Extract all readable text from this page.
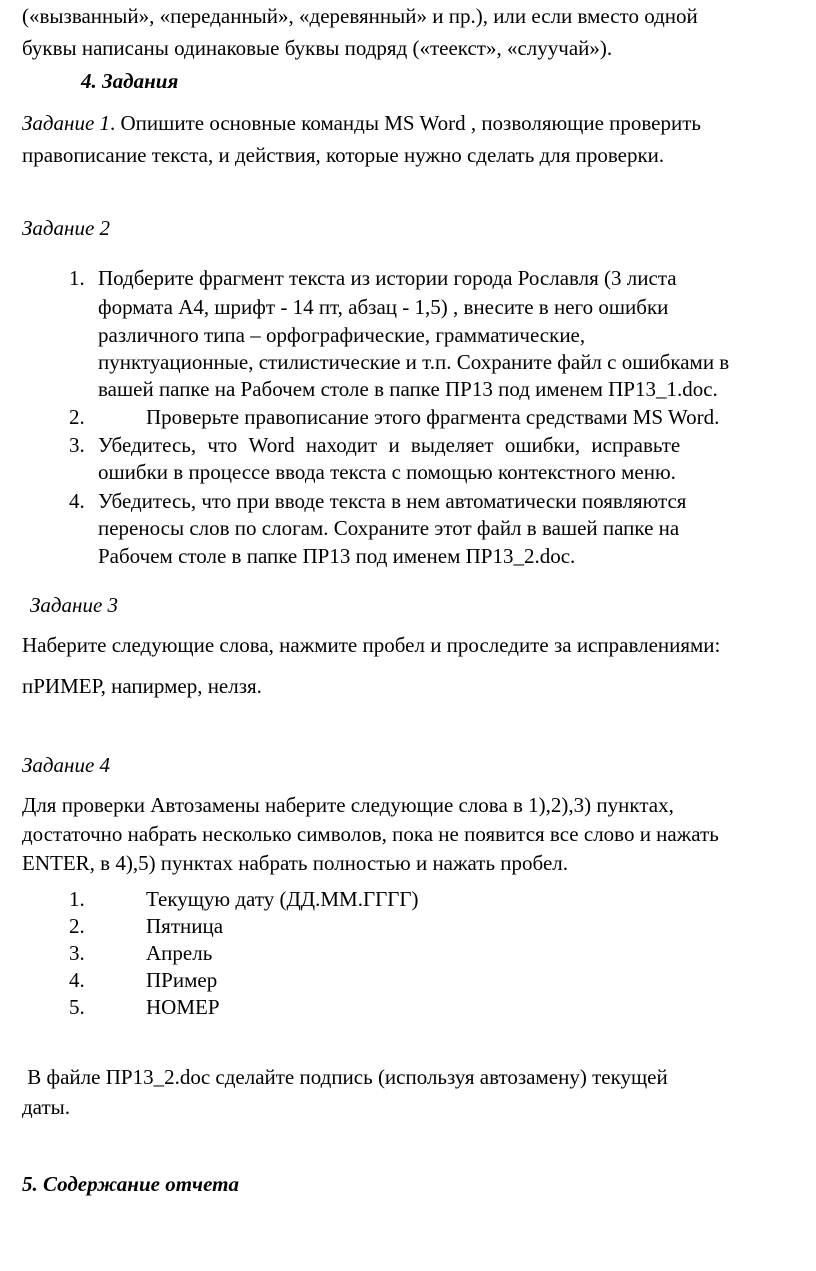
(«вызванный», «переданный», «деревянный» и пр.), или если вместо одной
буквы написаны одинаковые буквы подряд («теекст», «слуучай»).
4. Задания
Задание 1. Опишите основные команды MS Word , позволяющие проверить
правописание текста, и действия, которые нужно сделать для проверки.
Задание 2
1. Подберите фрагмент текста из истории города Рославля (3 листа
формата А4, шрифт - 14 пт, абзац - 1,5) , внесите в него ошибки
различного типа – орфографические, грамматические,
пунктуационные, стилистические и т.п. Сохраните файл с ошибками в
вашей папке на Рабочем столе в папке ПР13 под именем ПР13_1.doc.
2.	Проверьте правописание этого фрагмента средствами MS Word.
3. Убедитесь, что Word находит и выделяет ошибки, исправьте
ошибки в процессе ввода текста с помощью контекстного меню.
4. Убедитесь, что при вводе текста в нем автоматически появляются
переносы слов по слогам. Сохраните этот файл в вашей папке на
Рабочем столе в папке ПР13 под именем ПР13_2.doc.
Задание 3
Наберите следующие слова, нажмите пробел и проследите за исправлениями:
пРИМЕР, напирмер, нелзя.
Задание 4
Для проверки Автозамены наберите следующие слова в 1),2),3) пунктах,
достаточно набрать несколько символов, пока не появится все слово и нажать
ENTER, в 4),5) пунктах набрать полностью и нажать пробел.
1.	Текущую дату (ДД.ММ.ГГГГ)
2.	Пятница
3.	Апрель
4.	ПРимер
5.	НОМЕР
В файле ПР13_2.doc сделайте подпись (используя автозамену) текущей
даты.
5. Содержание отчета
